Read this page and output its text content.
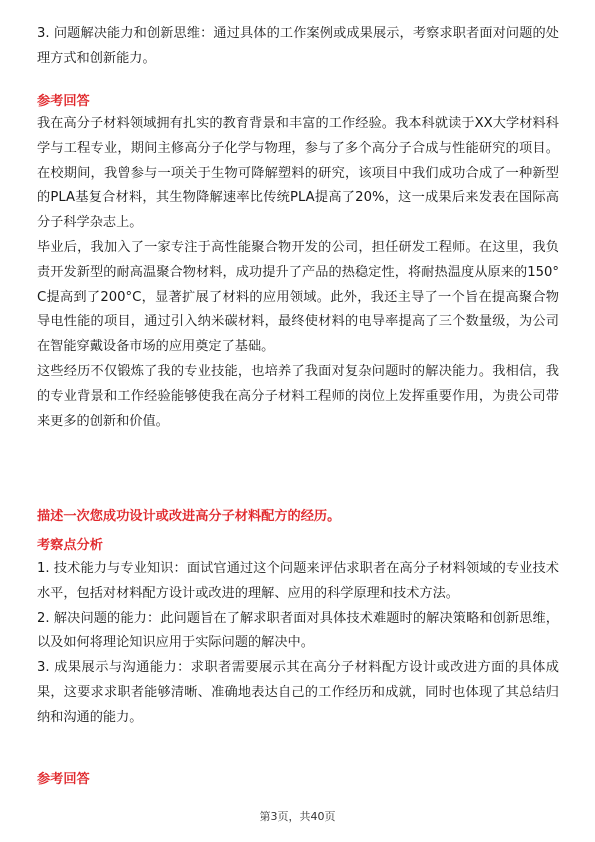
3. 问题解决能力和创新思维：通过具体的工作案例或成果展示，考察求职者面对问题的处理方式和创新能力。

参考回答

我在高分子材料领域拥有扎实的教育背景和丰富的工作经验。我本科就读于XX大学材料科学与工程专业，期间主修高分子化学与物理，参与了多个高分子合成与性能研究的项目。在校期间，我曾参与一项关于生物可降解塑料的研究，该项目中我们成功合成了一种新型的PLA基复合材料，其生物降解速率比传统PLA提高了20%，这一成果后来发表在国际高分子科学杂志上。

毕业后，我加入了一家专注于高性能聚合物开发的公司，担任研发工程师。在这里，我负责开发新型的耐高温聚合物材料，成功提升了产品的热稳定性，将耐热温度从原来的150°C提高到了200°C，显著扩展了材料的应用领域。此外，我还主导了一个旨在提高聚合物导电性能的项目，通过引入纳米碳材料，最终使材料的电导率提高了三个数量级，为公司在智能穿戴设备市场的应用奠定了基础。

这些经历不仅锻炼了我的专业技能，也培养了我面对复杂问题时的解决能力。我相信，我的专业背景和工作经验能够使我在高分子材料工程师的岗位上发挥重要作用，为贵公司带来更多的创新和价值。

描述一次您成功设计或改进高分子材料配方的经历。

考察点分析

1. 技术能力与专业知识：面试官通过这个问题来评估求职者在高分子材料领域的专业技术水平，包括对材料配方设计或改进的理解、应用的科学原理和技术方法。

2. 解决问题的能力：此问题旨在了解求职者面对具体技术难题时的解决策略和创新思维，以及如何将理论知识应用于实际问题的解决中。

3. 成果展示与沟通能力：求职者需要展示其在高分子材料配方设计或改进方面的具体成果，这要求求职者能够清晰、准确地表达自己的工作经历和成就，同时也体现了其总结归纳和沟通的能力。

参考回答

第3页，共40页
